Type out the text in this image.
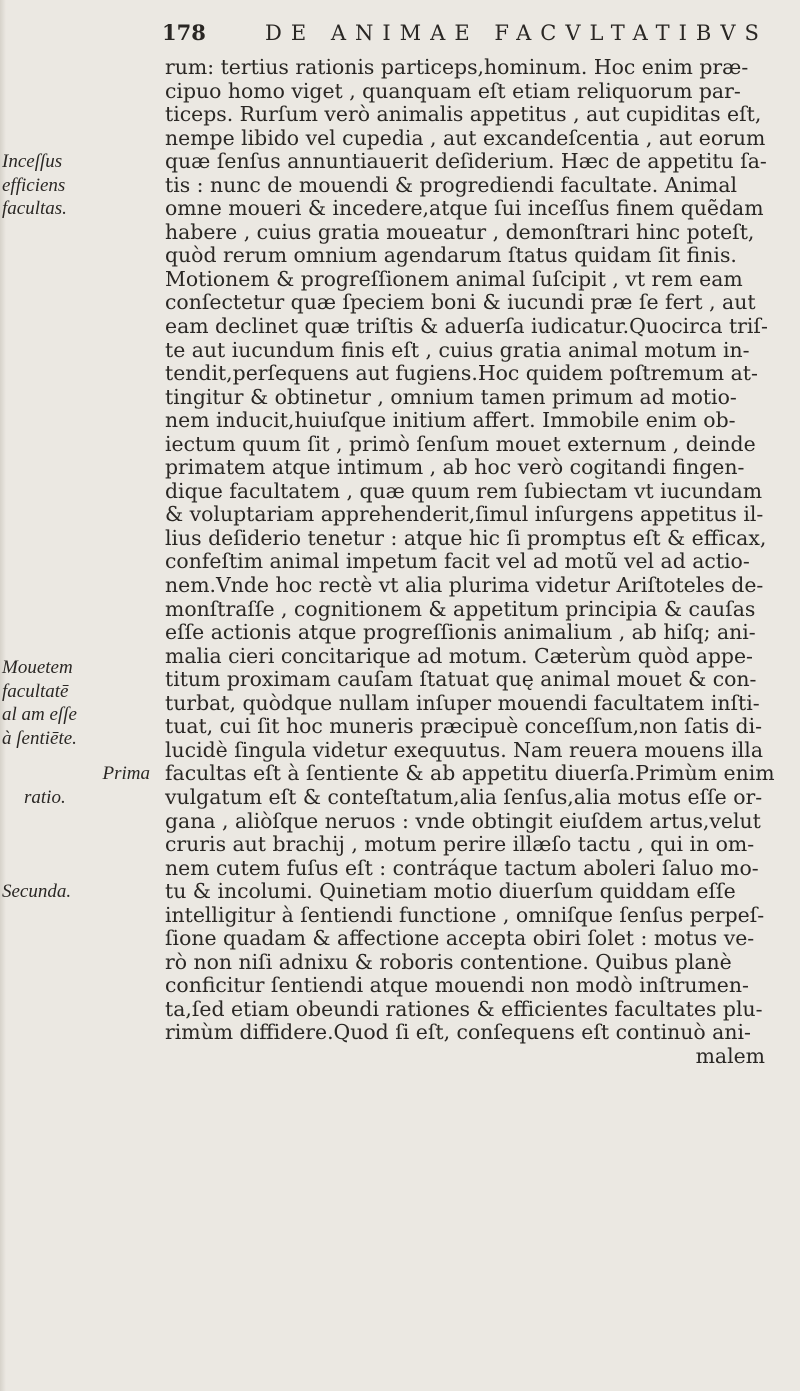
178	DE ANIMAE FACVLTATIBVS
Inceſſus
efficiens
facultas.
Mouetem
facultatē
al am eſſe
à ſentiēte.
Prima
ratio.
Secunda.
rum: tertius rationis particeps,hominum. Hoc enim præ-
cipuo homo viget , quanquam eſt etiam reliquorum par-
ticeps. Rurſum verò animalis appetitus , aut cupiditas eſt,
nempe libido vel cupedia , aut excandeſcentia , aut eorum
quæ ſenſus annuntiauerit deſiderium. Hæc de appetitu ſa-
tis : nunc de mouendi & progrediendi facultate. Animal
omne moueri & incedere,atque ſui inceſſus finem quẽdam
habere , cuius gratia moueatur , demonſtrari hinc poteſt,
quòd rerum omnium agendarum ſtatus quidam ſit finis.
Motionem & progreſſionem animal ſuſcipit , vt rem eam
conſectetur quæ ſpeciem boni & iucundi præ ſe fert , aut
eam declinet quæ triſtis & aduerſa iudicatur.Quocirca triſ-
te aut iucundum finis eſt , cuius gratia animal motum in-
tendit,perſequens aut fugiens.Hoc quidem poſtremum at-
tingitur & obtinetur , omnium tamen primum ad motio-
nem inducit,huiuſque initium affert. Immobile enim ob-
iectum quum ſit , primò ſenſum mouet externum , deinde
primatem atque intimum , ab hoc verò cogitandi fingen-
dique facultatem , quæ quum rem ſubiectam vt iucundam
& voluptariam apprehenderit,ſimul inſurgens appetitus il-
lius deſiderio tenetur : atque hic ſi promptus eſt & efficax,
confeſtim animal impetum facit vel ad motũ vel ad actio-
nem.Vnde hoc rectè vt alia plurima videtur Ariſtoteles de-
monſtraſſe , cognitionem & appetitum principia & cauſas
eſſe actionis atque progreſſionis animalium , ab hiſq; ani-
malia cieri concitarique ad motum. Cæterùm quòd appe-
titum proximam cauſam ſtatuat quę animal mouet & con-
turbat, quòdque nullam inſuper mouendi facultatem inſti-
tuat, cui ſit hoc muneris præcipuè conceſſum,non ſatis di-
lucidè ſingula videtur exequutus. Nam reuera mouens illa
facultas eſt à ſentiente & ab appetitu diuerſa.Primùm enim
vulgatum eſt & conteſtatum,alia ſenſus,alia motus eſſe or-
gana , aliòſque neruos : vnde obtingit eiuſdem artus,velut
cruris aut brachij , motum perire illæſo tactu , qui in om-
nem cutem fuſus eſt : contráque tactum aboleri ſaluo mo-
tu & incolumi. Quinetiam motio diuerſum quiddam eſſe
intelligitur à ſentiendi functione , omniſque ſenſus perpeſ-
ſione quadam & affectione accepta obiri ſolet : motus ve-
rò non niſi adnixu & roboris contentione. Quibus planè
conficitur ſentiendi atque mouendi non modò inſtrumen-
ta,ſed etiam obeundi rationes & efficientes facultates plu-
rimùm diffidere.Quod ſi eſt, conſequens eſt continuò ani-
malem
